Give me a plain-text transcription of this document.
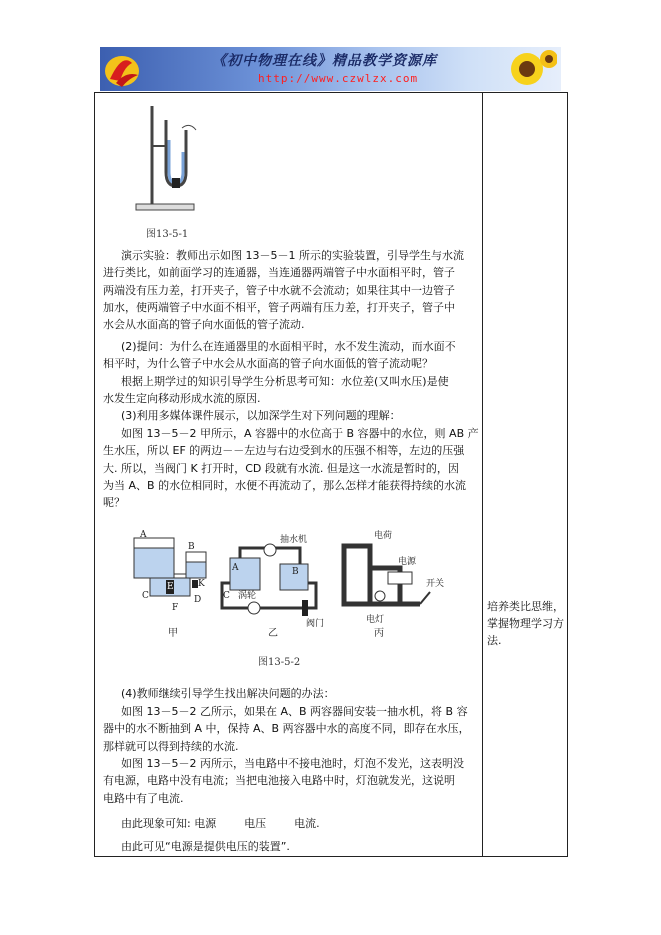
《初中物理在线》精品教学资源库
http://www.czwlzx.com
图13-5-1
演示实验：教师出示如图 13－5－1 所示的实验装置，引导学生与水流
进行类比，如前面学习的连通器，当连通器两端管子中水面相平时，管子
两端没有压力差，打开夹子，管子中水就不会流动；如果往其中一边管子
加水，使两端管子中水面不相平，管子两端有压力差，打开夹子，管子中
水会从水面高的管子向水面低的管子流动.
(2)提问：为什么在连通器里的水面相平时，水不发生流动，而水面不
相平时，为什么管子中水会从水面高的管子向水面低的管子流动呢？
根据上期学过的知识引导学生分析思考可知：水位差(又叫水压)是使
水发生定向移动形成水流的原因.
(3)利用多媒体课件展示，以加深学生对下列问题的理解：
如图 13－5－2 甲所示，A 容器中的水位高于 B 容器中的水位，则 AB 产
生水压，所以 EF 的两边－－左边与右边受到水的压强不相等，左边的压强
大. 所以，当阀门 K 打开时，CD 段就有水流. 但是这一水流是暂时的，因
为当 A、B 的水位相同时，水便不再流动了，那么怎样才能获得持续的水流
呢？
A
B
C	D
E
F
K
甲
A	B
C
抽水机
涡轮
阀门
乙
电荷
电源
开关
电灯
丙
图13-5-2
(4)教师继续引导学生找出解决问题的办法：
如图 13－5－2 乙所示，如果在 A、B 两容器间安装一抽水机，将 B 容
器中的水不断抽到 A 中，保持 A、B 两容器中水的高度不同，即存在水压，
那样就可以得到持续的水流.
如图 13－5－2 丙所示，当电路中不接电池时，灯泡不发光，这表明没
有电源，电路中没有电流；当把电池接入电路中时，灯泡就发光，这说明
电路中有了电流.
由此现象可知: 电源        电压        电流.
由此可见“电源是提供电压的装置”.
培养类比思维，掌握物理学习方法.
